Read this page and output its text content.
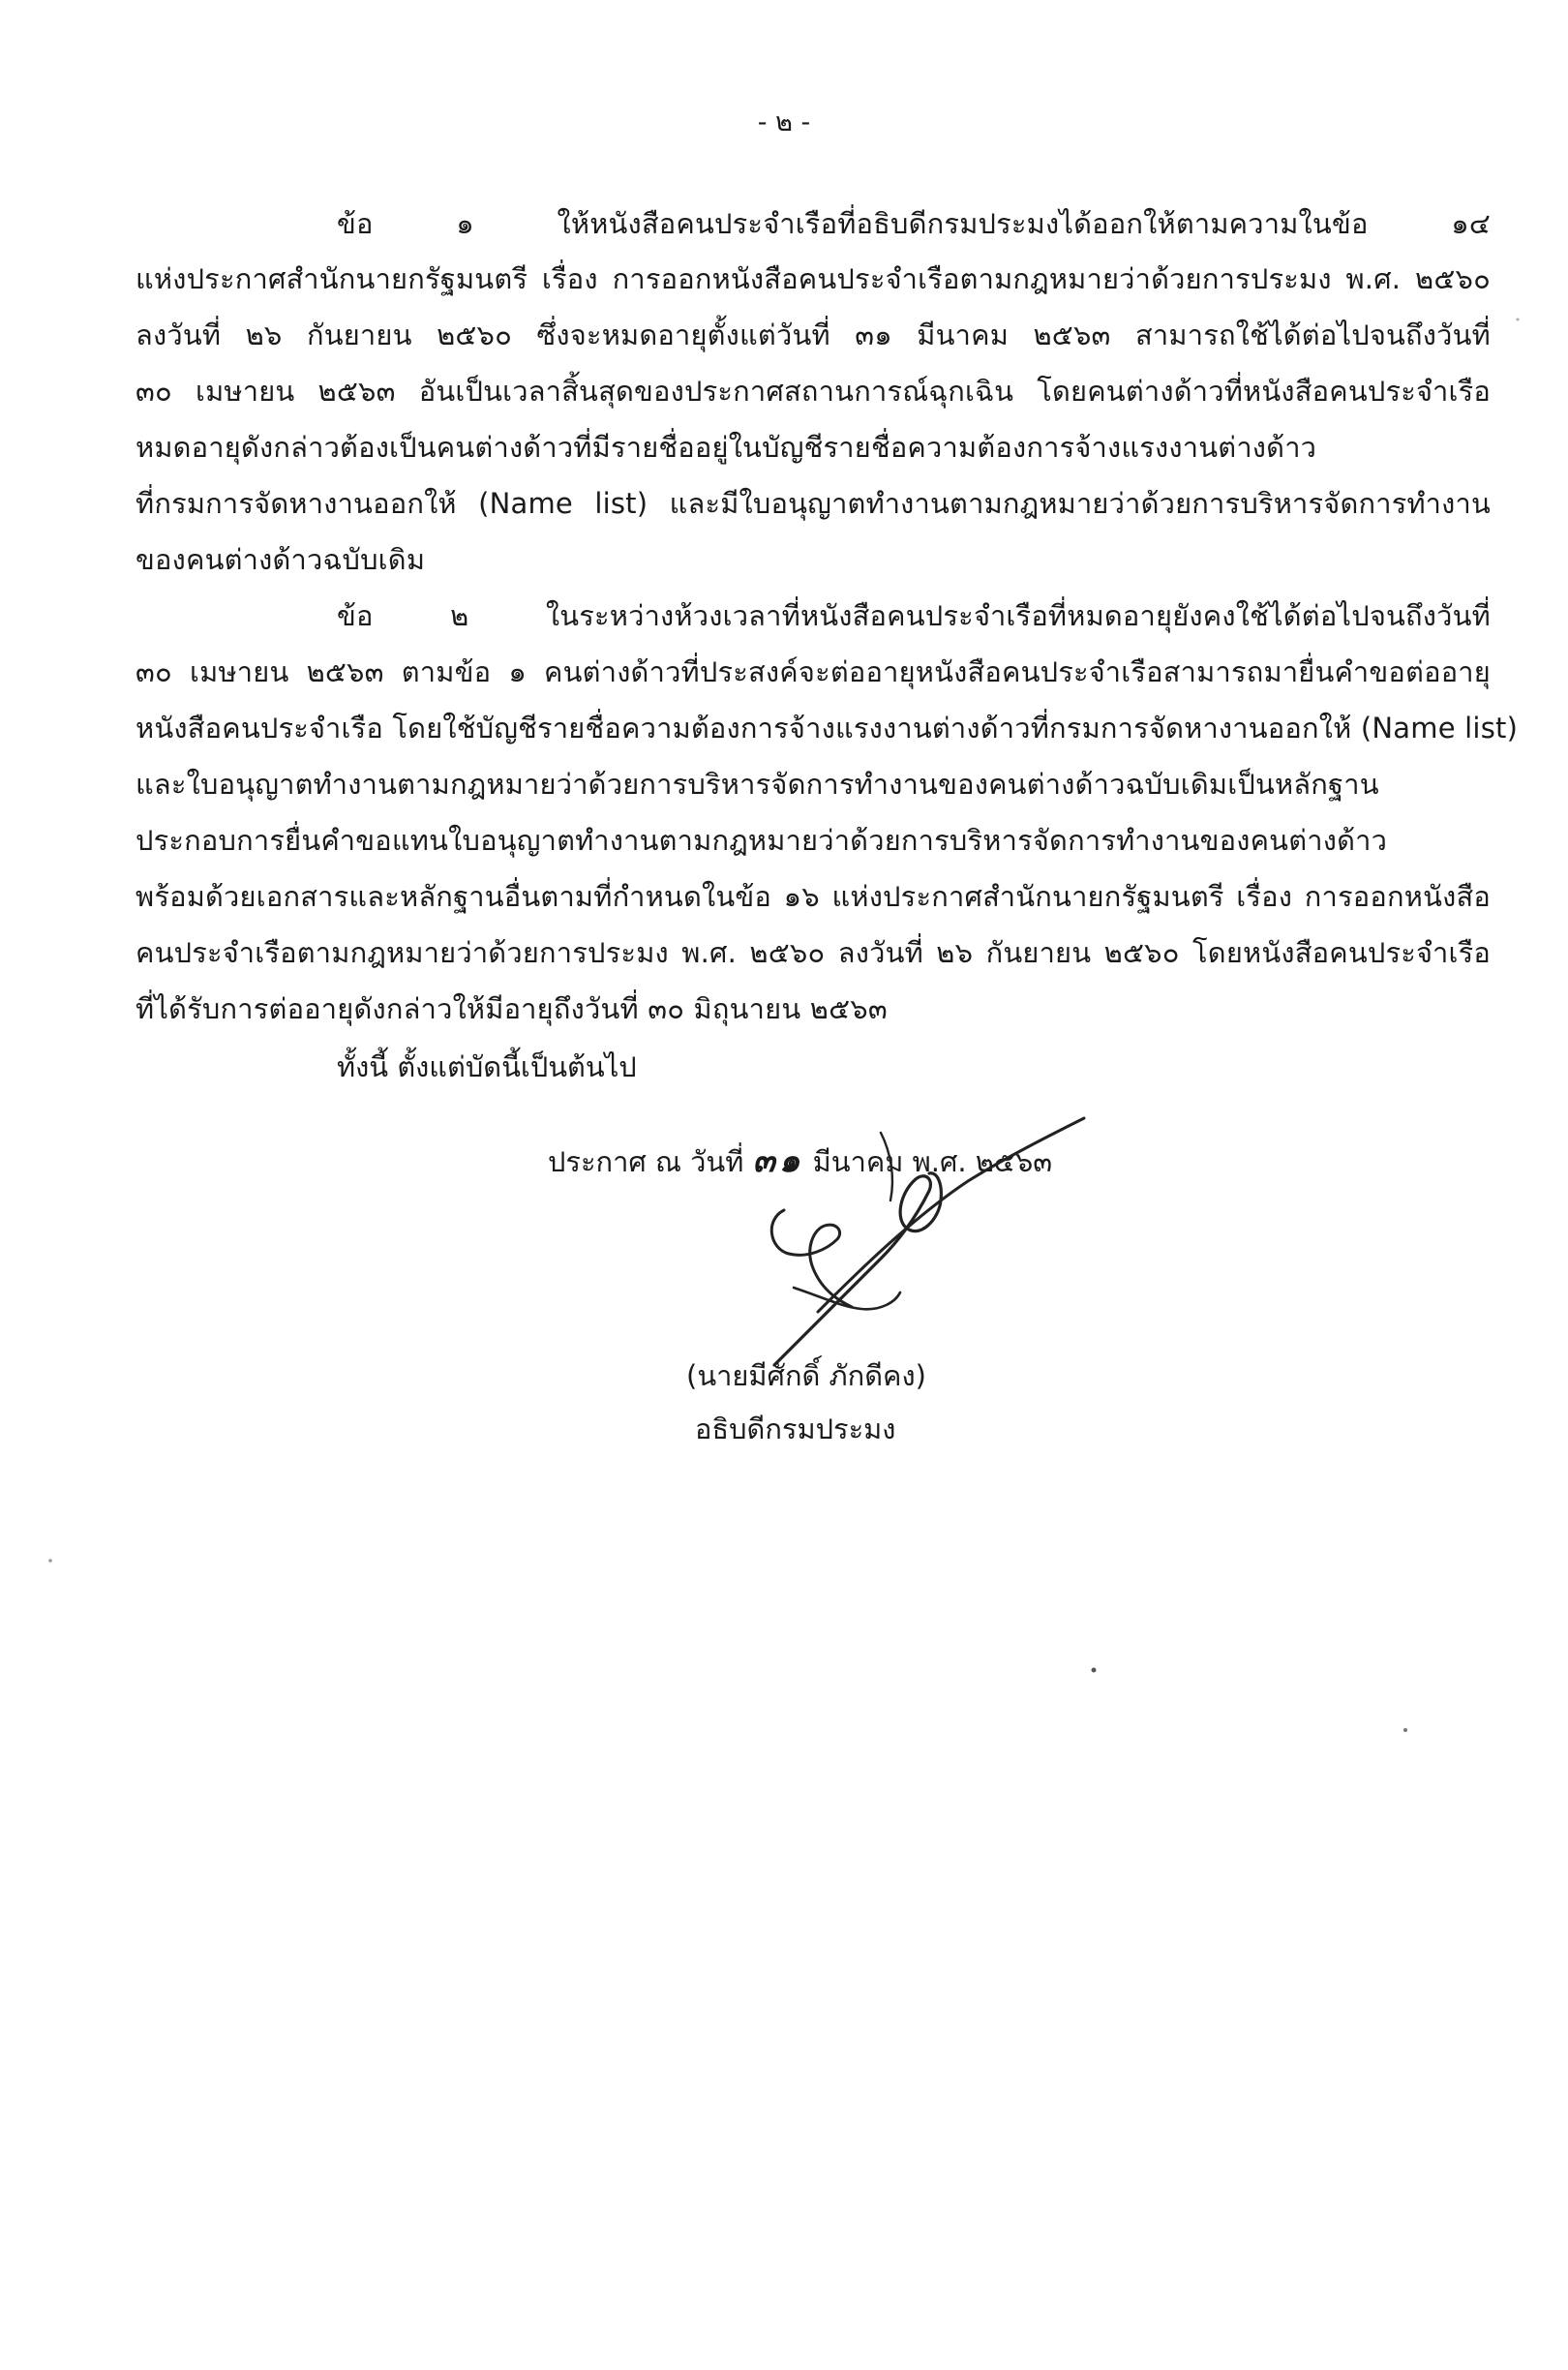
- ๒ -
ข้อ ๑ ให้หนังสือคนประจำเรือที่อธิบดีกรมประมงได้ออกให้ตามความในข้อ ๑๔
แห่งประกาศสำนักนายกรัฐมนตรี เรื่อง การออกหนังสือคนประจำเรือตามกฎหมายว่าด้วยการประมง พ.ศ. ๒๕๖๐
ลงวันที่ ๒๖ กันยายน ๒๕๖๐ ซึ่งจะหมดอายุตั้งแต่วันที่ ๓๑ มีนาคม ๒๕๖๓ สามารถใช้ได้ต่อไปจนถึงวันที่
๓๐ เมษายน ๒๕๖๓ อันเป็นเวลาสิ้นสุดของประกาศสถานการณ์ฉุกเฉิน โดยคนต่างด้าวที่หนังสือคนประจำเรือ
หมดอายุดังกล่าวต้องเป็นคนต่างด้าวที่มีรายชื่ออยู่ในบัญชีรายชื่อความต้องการจ้างแรงงานต่างด้าว
ที่กรมการจัดหางานออกให้ (Name list) และมีใบอนุญาตทำงานตามกฎหมายว่าด้วยการบริหารจัดการทำงาน
ของคนต่างด้าวฉบับเดิม
ข้อ ๒ ในระหว่างห้วงเวลาที่หนังสือคนประจำเรือที่หมดอายุยังคงใช้ได้ต่อไปจนถึงวันที่
๓๐ เมษายน ๒๕๖๓ ตามข้อ ๑ คนต่างด้าวที่ประสงค์จะต่ออายุหนังสือคนประจำเรือสามารถมายื่นคำขอต่ออายุ
หนังสือคนประจำเรือ โดยใช้บัญชีรายชื่อความต้องการจ้างแรงงานต่างด้าวที่กรมการจัดหางานออกให้ (Name list)
และใบอนุญาตทำงานตามกฎหมายว่าด้วยการบริหารจัดการทำงานของคนต่างด้าวฉบับเดิมเป็นหลักฐาน
ประกอบการยื่นคำขอแทนใบอนุญาตทำงานตามกฎหมายว่าด้วยการบริหารจัดการทำงานของคนต่างด้าว
พร้อมด้วยเอกสารและหลักฐานอื่นตามที่กำหนดในข้อ ๑๖ แห่งประกาศสำนักนายกรัฐมนตรี เรื่อง การออกหนังสือ
คนประจำเรือตามกฎหมายว่าด้วยการประมง พ.ศ. ๒๕๖๐ ลงวันที่ ๒๖ กันยายน ๒๕๖๐ โดยหนังสือคนประจำเรือ
ที่ได้รับการต่ออายุดังกล่าวให้มีอายุถึงวันที่ ๓๐ มิถุนายน ๒๕๖๓
ทั้งนี้ ตั้งแต่บัดนี้เป็นต้นไป
ประกาศ ณ วันที่ ๓๑ มีนาคม พ.ศ. ๒๕๖๓
(นายมีศักดิ์ ภักดีคง)
อธิบดีกรมประมง
